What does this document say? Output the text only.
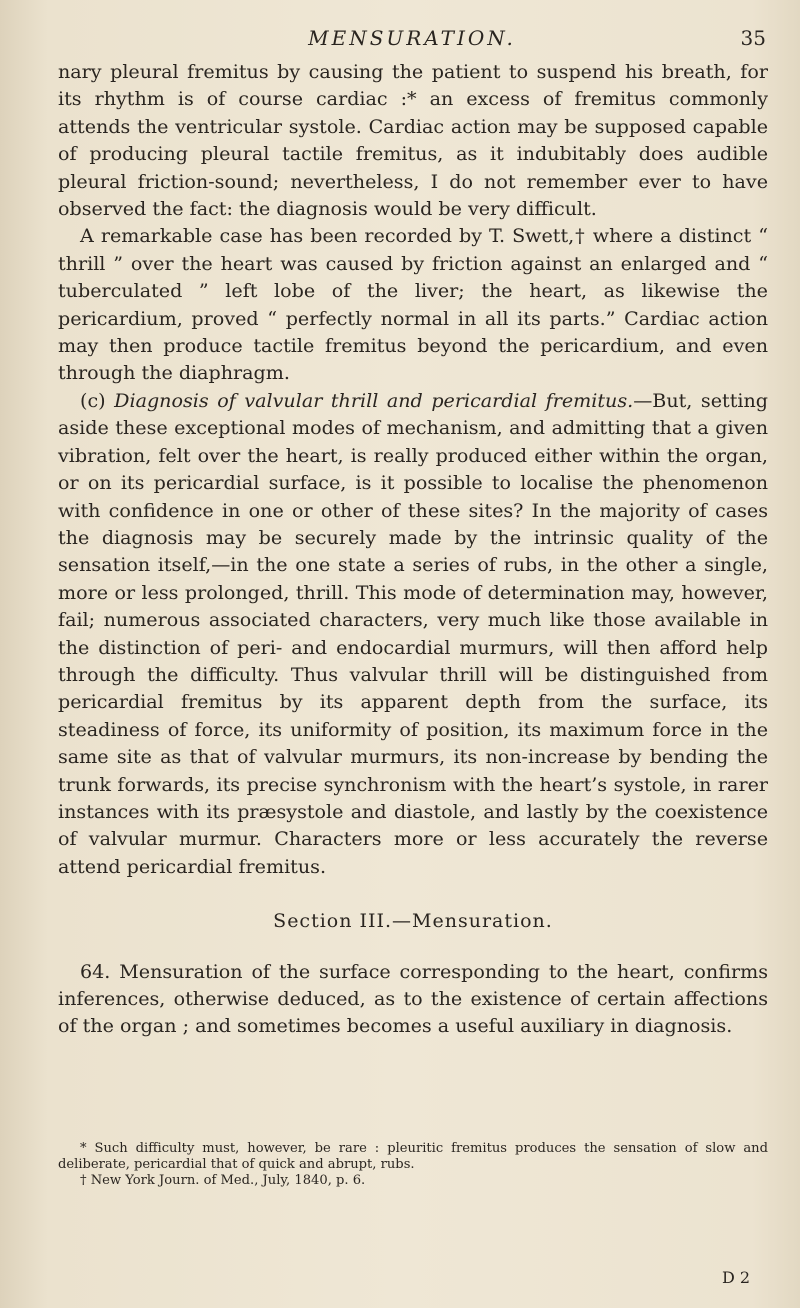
MENSURATION.	35

nary pleural fremitus by causing the patient to suspend his breath, for its rhythm is of course cardiac :* an excess of fremitus commonly attends the ventricular systole. Cardiac action may be supposed capable of producing pleural tactile fremitus, as it indubitably does audible pleural friction-sound; nevertheless, I do not remember ever to have observed the fact: the diagnosis would be very difficult.

A remarkable case has been recorded by T. Swett,† where a distinct “ thrill ” over the heart was caused by friction against an enlarged and “ tuberculated ” left lobe of the liver; the heart, as likewise the pericardium, proved “ perfectly normal in all its parts.” Cardiac action may then produce tactile fremitus beyond the pericardium, and even through the diaphragm.

(c) Diagnosis of valvular thrill and pericardial fremitus.—But, setting aside these exceptional modes of mechanism, and admitting that a given vibration, felt over the heart, is really produced either within the organ, or on its pericardial surface, is it possible to localise the phenomenon with confidence in one or other of these sites? In the majority of cases the diagnosis may be securely made by the intrinsic quality of the sensation itself,—in the one state a series of rubs, in the other a single, more or less prolonged, thrill. This mode of determination may, however, fail; numerous associated characters, very much like those available in the distinction of peri- and endocardial murmurs, will then afford help through the difficulty. Thus valvular thrill will be distinguished from pericardial fremitus by its apparent depth from the surface, its steadiness of force, its uniformity of position, its maximum force in the same site as that of valvular murmurs, its non-increase by bending the trunk forwards, its precise synchronism with the heart’s systole, in rarer instances with its præsystole and diastole, and lastly by the coexistence of valvular murmur. Characters more or less accurately the reverse attend pericardial fremitus.

Section III.—Mensuration.

64. Mensuration of the surface corresponding to the heart, confirms inferences, otherwise deduced, as to the existence of certain affections of the organ ; and sometimes becomes a useful auxiliary in diagnosis.

* Such difficulty must, however, be rare : pleuritic fremitus produces the sensation of slow and deliberate, pericardial that of quick and abrupt, rubs.

† New York Journ. of Med., July, 1840, p. 6.

D 2
